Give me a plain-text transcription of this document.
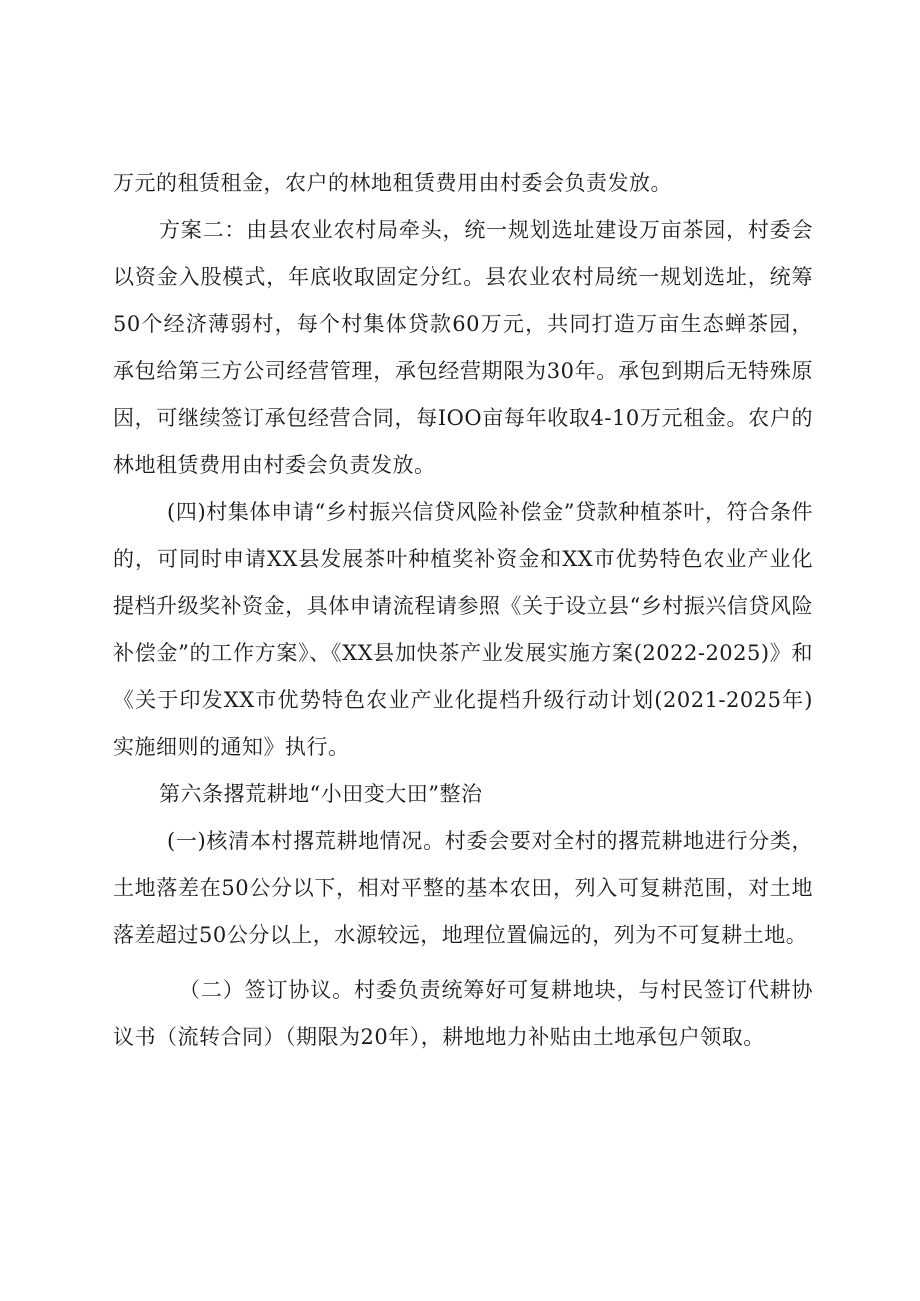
万元的租赁租金，农户的林地租赁费用由村委会负责发放。

方案二：由县农业农村局牵头，统一规划选址建设万亩茶园，村委会以资金入股模式，年底收取固定分红。县农业农村局统一规划选址，统筹50个经济薄弱村，每个村集体贷款60万元，共同打造万亩生态蝉茶园，承包给第三方公司经营管理，承包经营期限为30年。承包到期后无特殊原因，可继续签订承包经营合同，每IOO亩每年收取4-10万元租金。农户的林地租赁费用由村委会负责发放。

(四)村集体申请“乡村振兴信贷风险补偿金”贷款种植茶叶，符合条件的，可同时申请XX县发展茶叶种植奖补资金和XX市优势特色农业产业化提档升级奖补资金，具体申请流程请参照《关于设立县“乡村振兴信贷风险补偿金”的工作方案》、《XX县加快茶产业发展实施方案(2022-2025)》和《关于印发XX市优势特色农业产业化提档升级行动计划(2021-2025年)实施细则的通知》执行。

第六条撂荒耕地“小田变大田”整治

(一)核清本村撂荒耕地情况。村委会要对全村的撂荒耕地进行分类，土地落差在50公分以下，相对平整的基本农田，列入可复耕范围，对土地落差超过50公分以上，水源较远，地理位置偏远的，列为不可复耕土地。

（二）签订协议。村委负责统筹好可复耕地块，与村民签订代耕协议书（流转合同）（期限为20年），耕地地力补贴由土地承包户领取。
